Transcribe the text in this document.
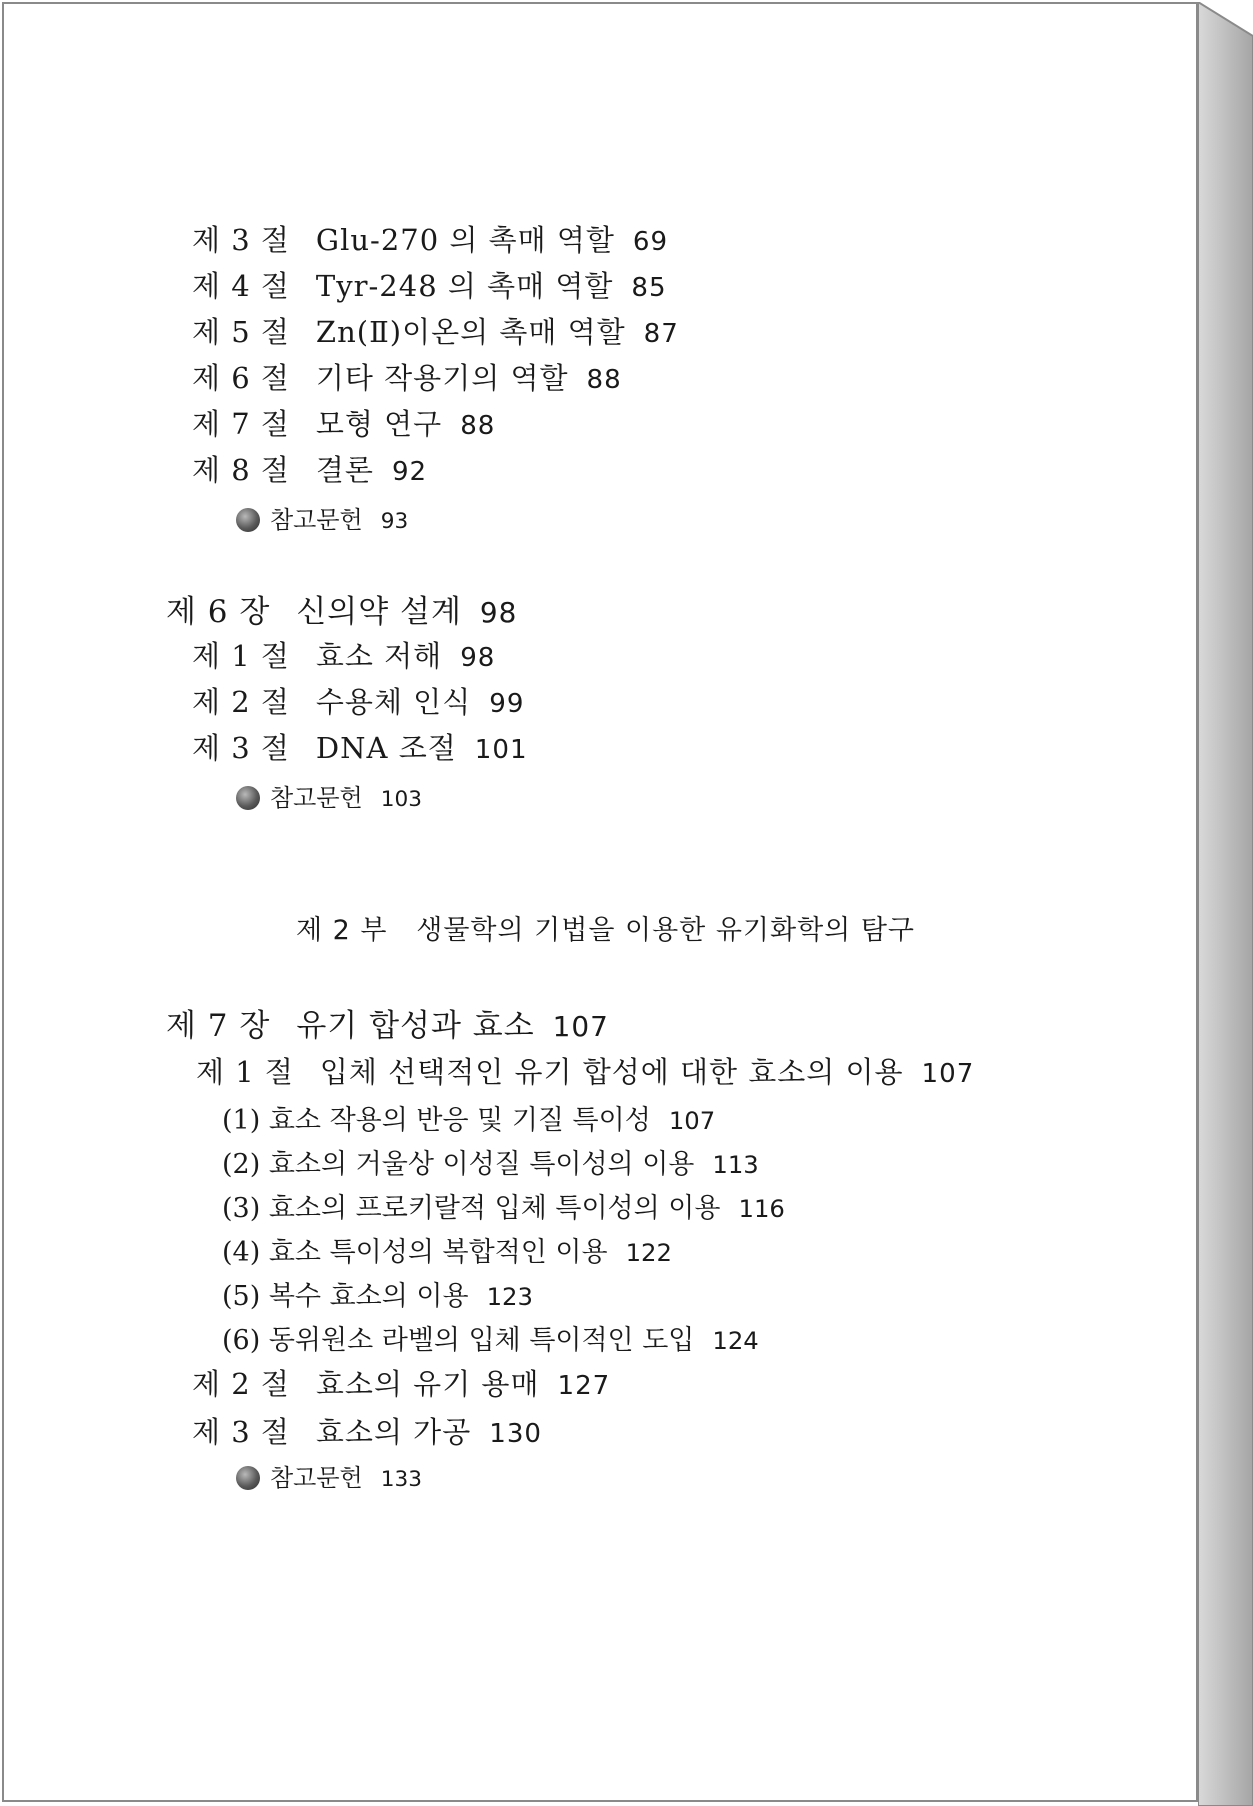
제 3 절 Glu-270 의 촉매 역할 69
제 4 절 Tyr-248 의 촉매 역할 85
제 5 절 Zn(Ⅱ)이온의 촉매 역할 87
제 6 절 기타 작용기의 역할 88
제 7 절 모형 연구 88
제 8 절 결론 92
참고문헌 93
제 6 장 신의약 설계 98
제 1 절 효소 저해 98
제 2 절 수용체 인식 99
제 3 절 DNA 조절 101
참고문헌 103
제 2 부   생물학의 기법을 이용한 유기화학의 탐구
제 7 장 유기 합성과 효소 107
제 1 절 입체 선택적인 유기 합성에 대한 효소의 이용 107
(1) 효소 작용의 반응 및 기질 특이성 107
(2) 효소의 거울상 이성질 특이성의 이용 113
(3) 효소의 프로키랄적 입체 특이성의 이용 116
(4) 효소 특이성의 복합적인 이용 122
(5) 복수 효소의 이용 123
(6) 동위원소 라벨의 입체 특이적인 도입 124
제 2 절 효소의 유기 용매 127
제 3 절 효소의 가공 130
참고문헌 133
